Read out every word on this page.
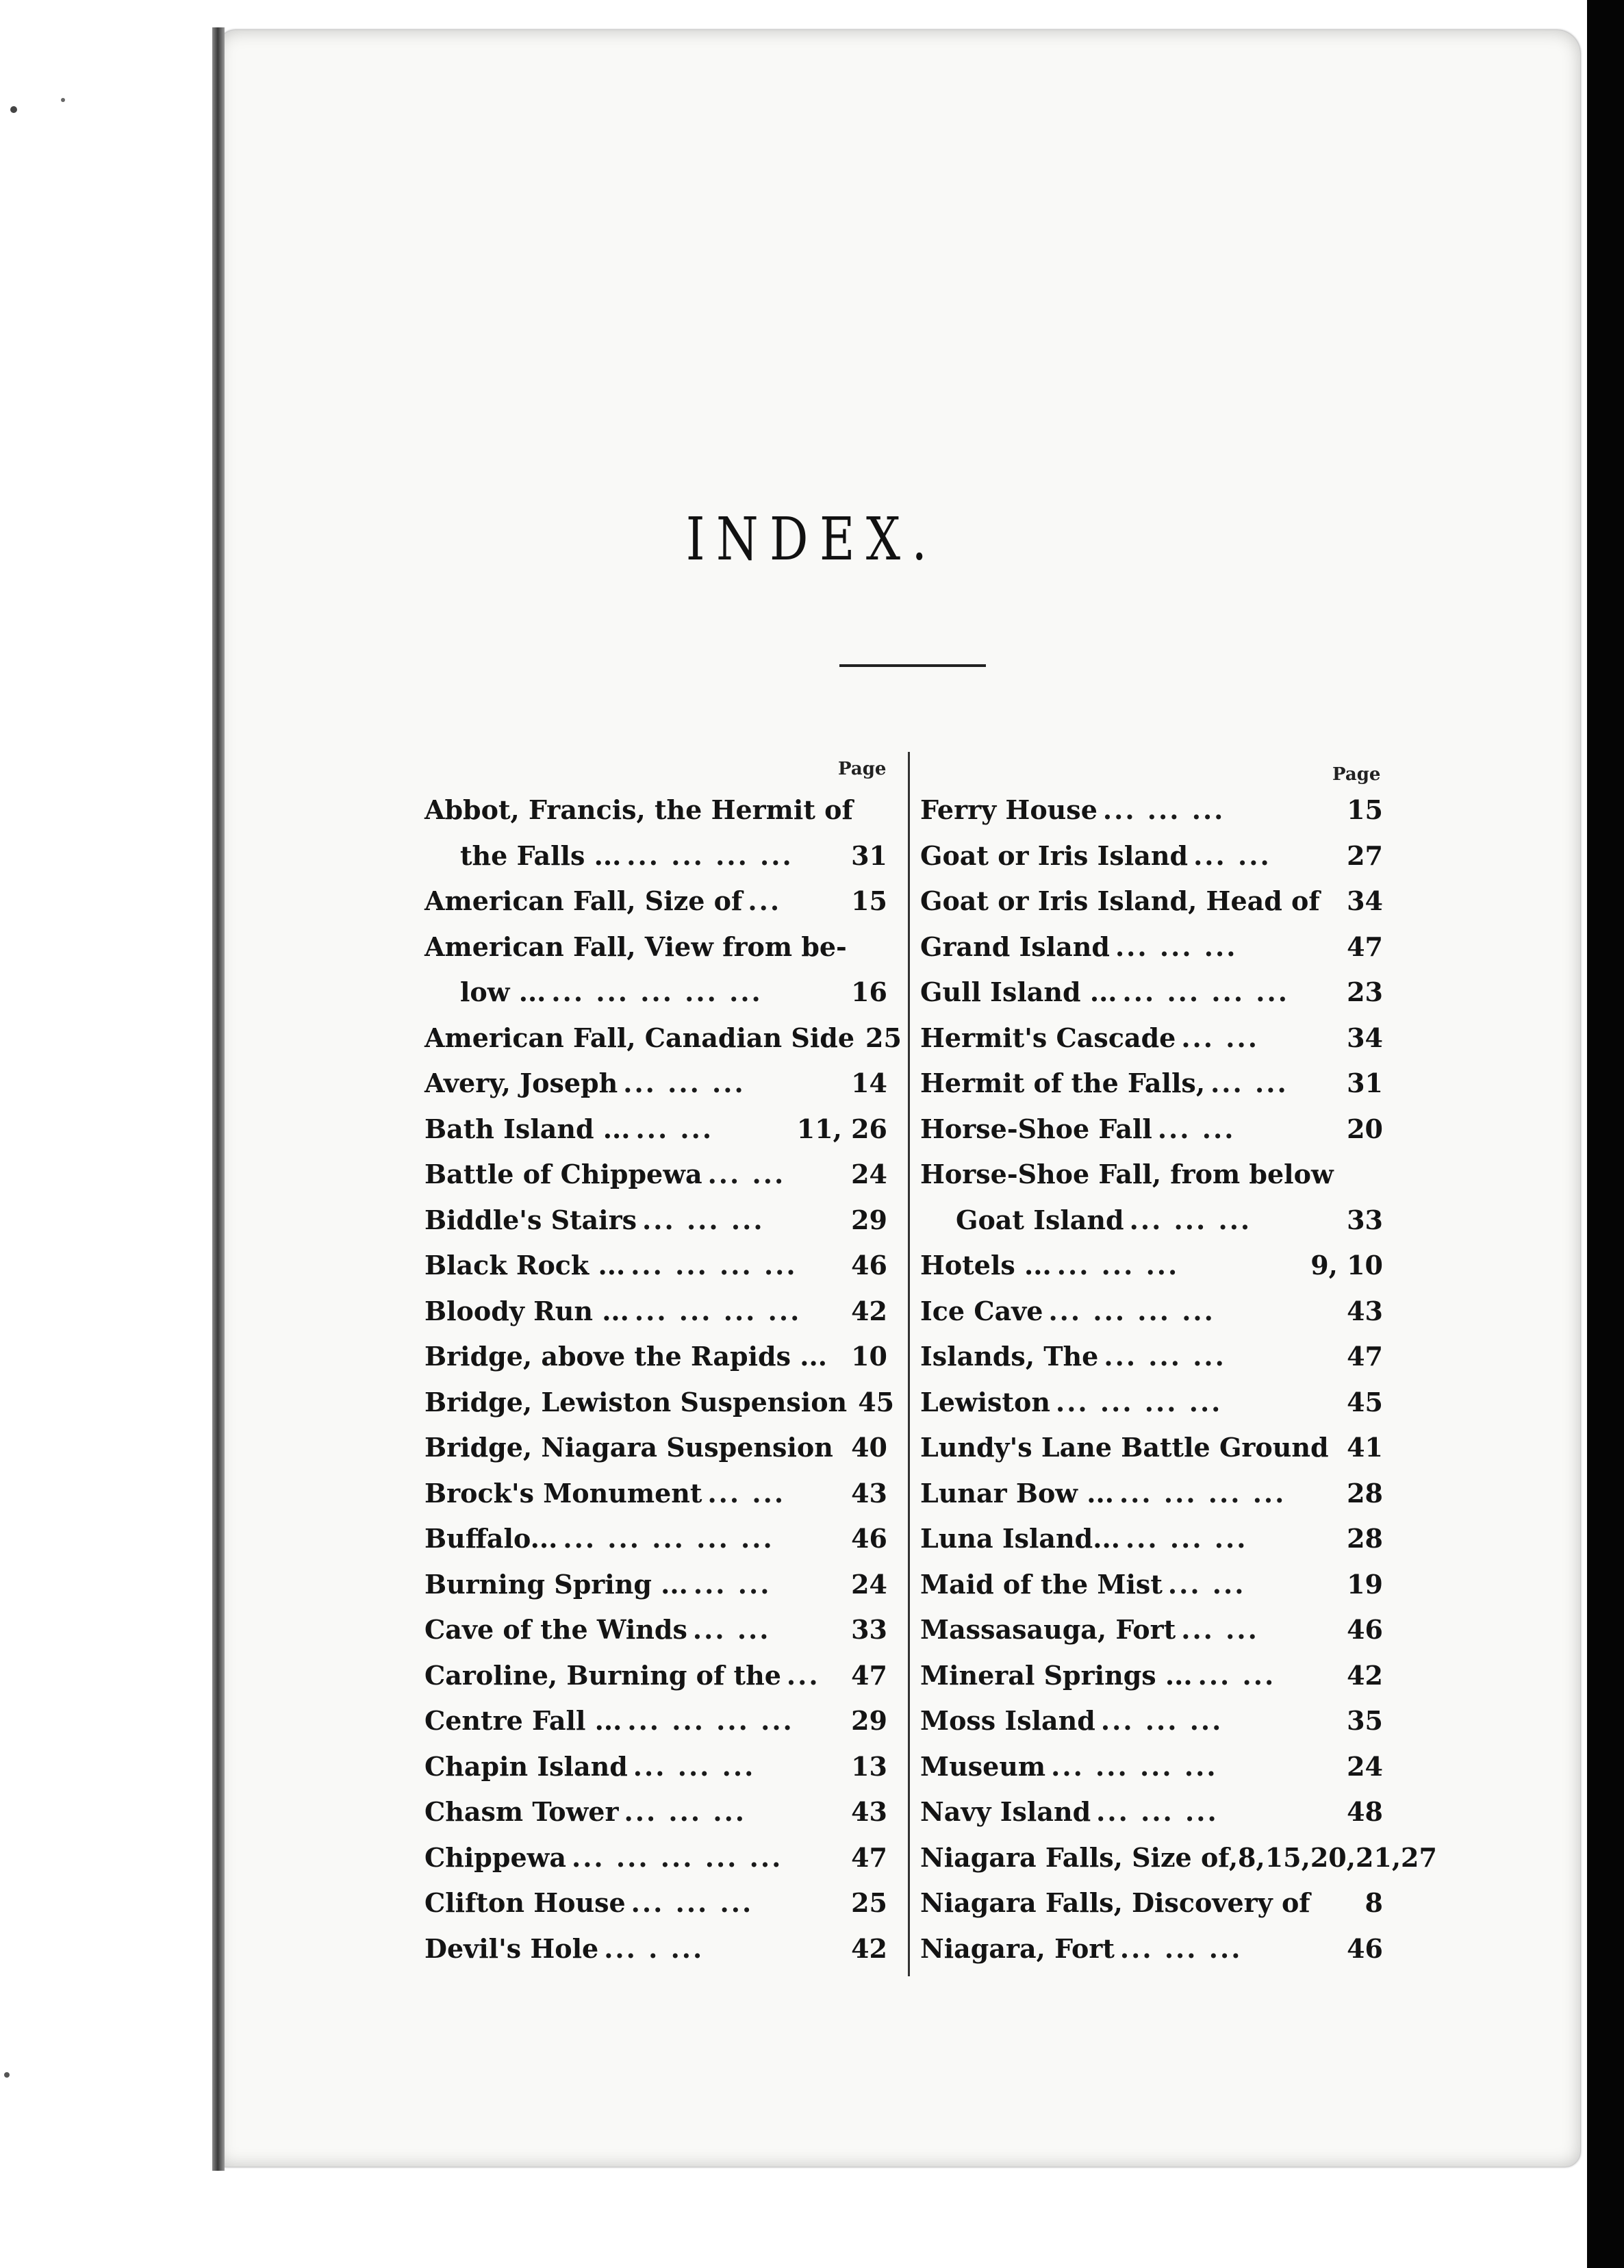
INDEX.
Page	Page
Abbot, Francis, the Hermit of
the Falls ... ... ... ... ...	31
American Fall, Size of ...	15
American Fall, View from be-
low ... ... ... ... ... ...	16
American Fall, Canadian Side 25
Avery, Joseph ... ... ...	14
Bath Island ... ... ...	11, 26
Battle of Chippewa ... ...	24
Biddle's Stairs ... ... ...	29
Black Rock ... ... ... ... ...	46
Bloody Run ... ... ... ... ...	42
Bridge, above the Rapids ... 10
Bridge, Lewiston Suspension 45
Bridge, Niagara Suspension 40
Brock's Monument ... ...	43
Buffalo... ... ... ... ... ...	46
Burning Spring ... ... ...	24
Cave of the Winds ... ...	33
Caroline, Burning of the ...	47
Centre Fall ... ... ... ... ...	29
Chapin Island ... ... ...	13
Chasm Tower ... ... ...	43
Chippewa ... ... ... ... ...	47
Clifton House ... ... ...	25
Devil's Hole ... . ...	42
Ferry House ... ... ...	15
Goat or Iris Island ... ...	27
Goat or Iris Island, Head of 34
Grand Island ... ... ...	47
Gull Island ... ... ... ... ...	23
Hermit's Cascade ... ...	34
Hermit of the Falls, ... ...	31
Horse-Shoe Fall ... ...	20
Horse-Shoe Fall, from below
Goat Island ... ... ...	33
Hotels ... ... ... ...	9, 10
Ice Cave ... ... ... ...	43
Islands, The ... ... ...	47
Lewiston ... ... ... ...	45
Lundy's Lane Battle Ground 41
Lunar Bow ... ... ... ... ...	28
Luna Island... ... ... ...	28
Maid of the Mist ... ...	19
Massasauga, Fort ... ...	46
Mineral Springs ... ... ...	42
Moss Island ... ... ...	35
Museum ... ... ... ...	24
Navy Island ... ... ...	48
Niagara Falls, Size of,8,15,20,21,27
Niagara Falls, Discovery of 8
Niagara, Fort ... ... ...	46
